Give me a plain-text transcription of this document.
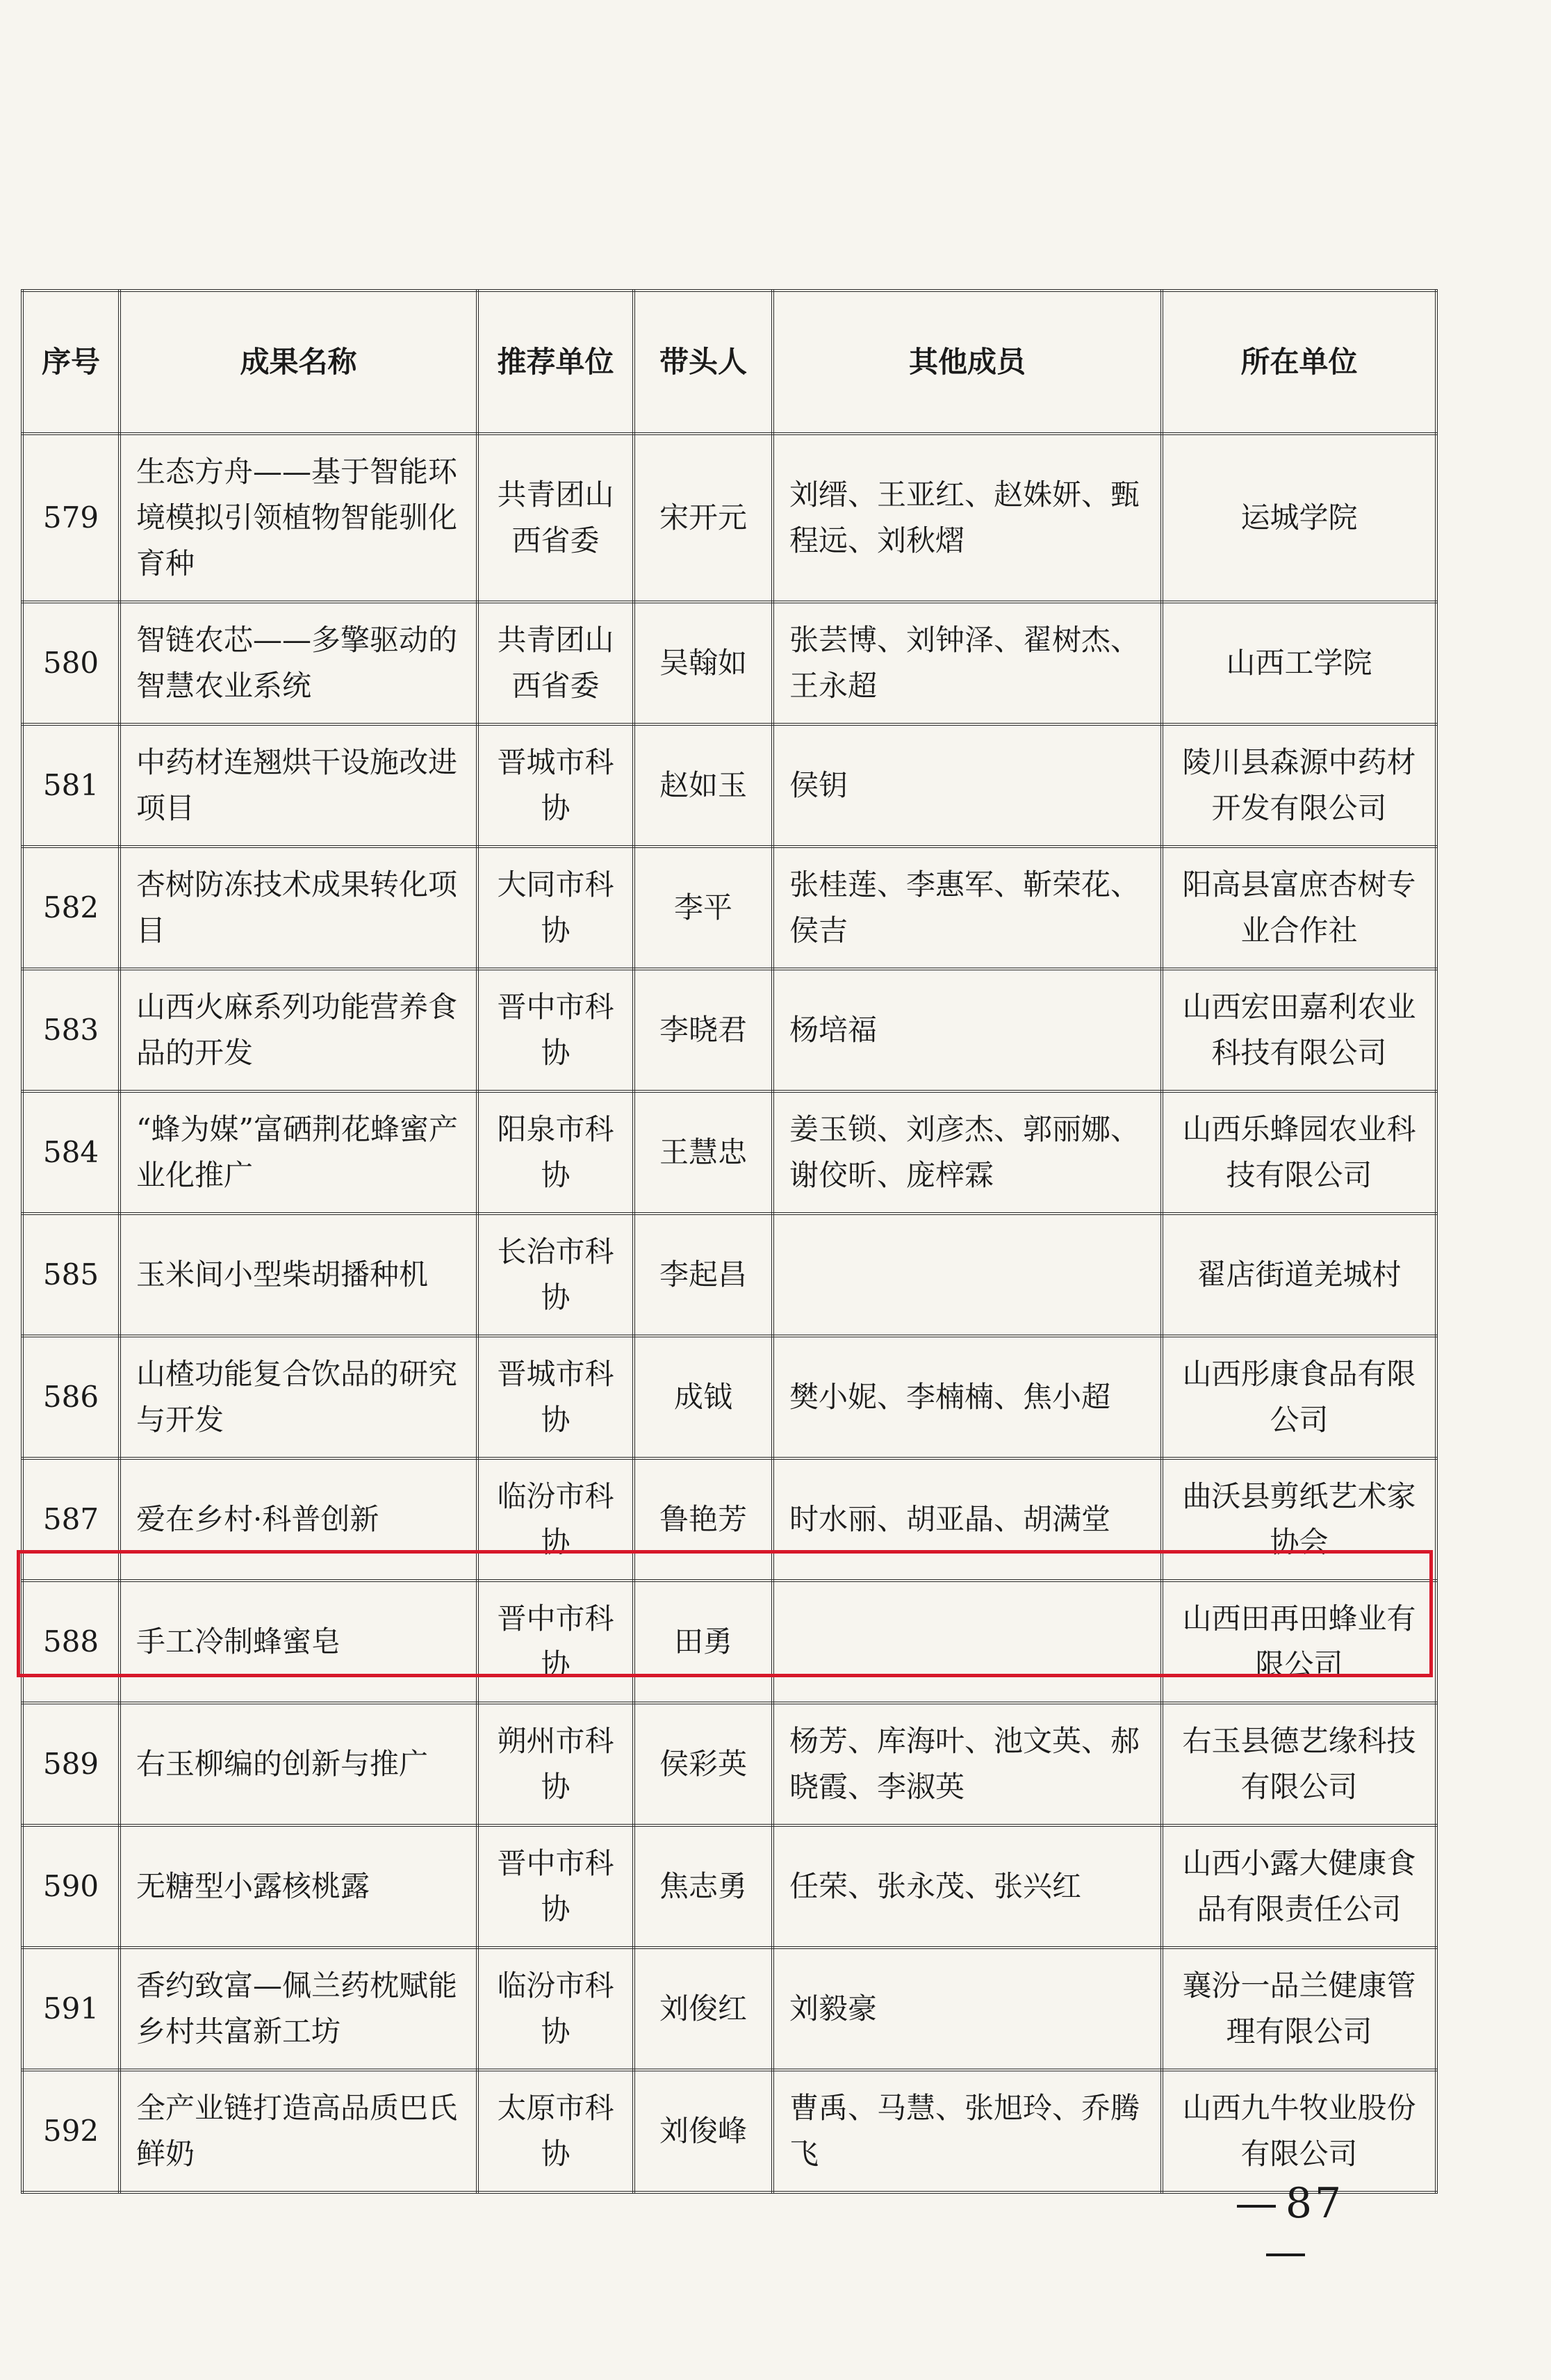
序号	成果名称	推荐单位	带头人	其他成员	所在单位
579	生态方舟——基于智能环境模拟引领植物智能驯化育种	共青团山西省委	宋开元	刘缙、王亚红、赵姝妍、甄程远、刘秋熠	运城学院
580	智链农芯——多擎驱动的智慧农业系统	共青团山西省委	吴翰如	张芸博、刘钟泽、翟树杰、王永超	山西工学院
581	中药材连翘烘干设施改进项目	晋城市科协	赵如玉	侯钥	陵川县森源中药材开发有限公司
582	杏树防冻技术成果转化项目	大同市科协	李平	张桂莲、李惠军、靳荣花、侯吉	阳高县富庶杏树专业合作社
583	山西火麻系列功能营养食品的开发	晋中市科协	李晓君	杨培福	山西宏田嘉利农业科技有限公司
584	“蜂为媒”富硒荆花蜂蜜产业化推广	阳泉市科协	王慧忠	姜玉锁、刘彦杰、郭丽娜、谢佼昕、庞梓霖	山西乐蜂园农业科技有限公司
585	玉米间小型柴胡播种机	长治市科协	李起昌		翟店街道羌城村
586	山楂功能复合饮品的研究与开发	晋城市科协	成钺	樊小妮、李楠楠、焦小超	山西彤康食品有限公司
587	爱在乡村·科普创新	临汾市科协	鲁艳芳	时水丽、胡亚晶、胡满堂	曲沃县剪纸艺术家协会
588	手工冷制蜂蜜皂	晋中市科协	田勇		山西田再田蜂业有限公司
589	右玉柳编的创新与推广	朔州市科协	侯彩英	杨芳、库海叶、池文英、郝晓霞、李淑英	右玉县德艺缘科技有限公司
590	无糖型小露核桃露	晋中市科协	焦志勇	任荣、张永茂、张兴红	山西小露大健康食品有限责任公司
591	香约致富—佩兰药枕赋能乡村共富新工坊	临汾市科协	刘俊红	刘毅豪	襄汾一品兰健康管理有限公司
592	全产业链打造高品质巴氏鲜奶	太原市科协	刘俊峰	曹禹、马慧、张旭玲、乔腾飞	山西九牛牧业股份有限公司
87
